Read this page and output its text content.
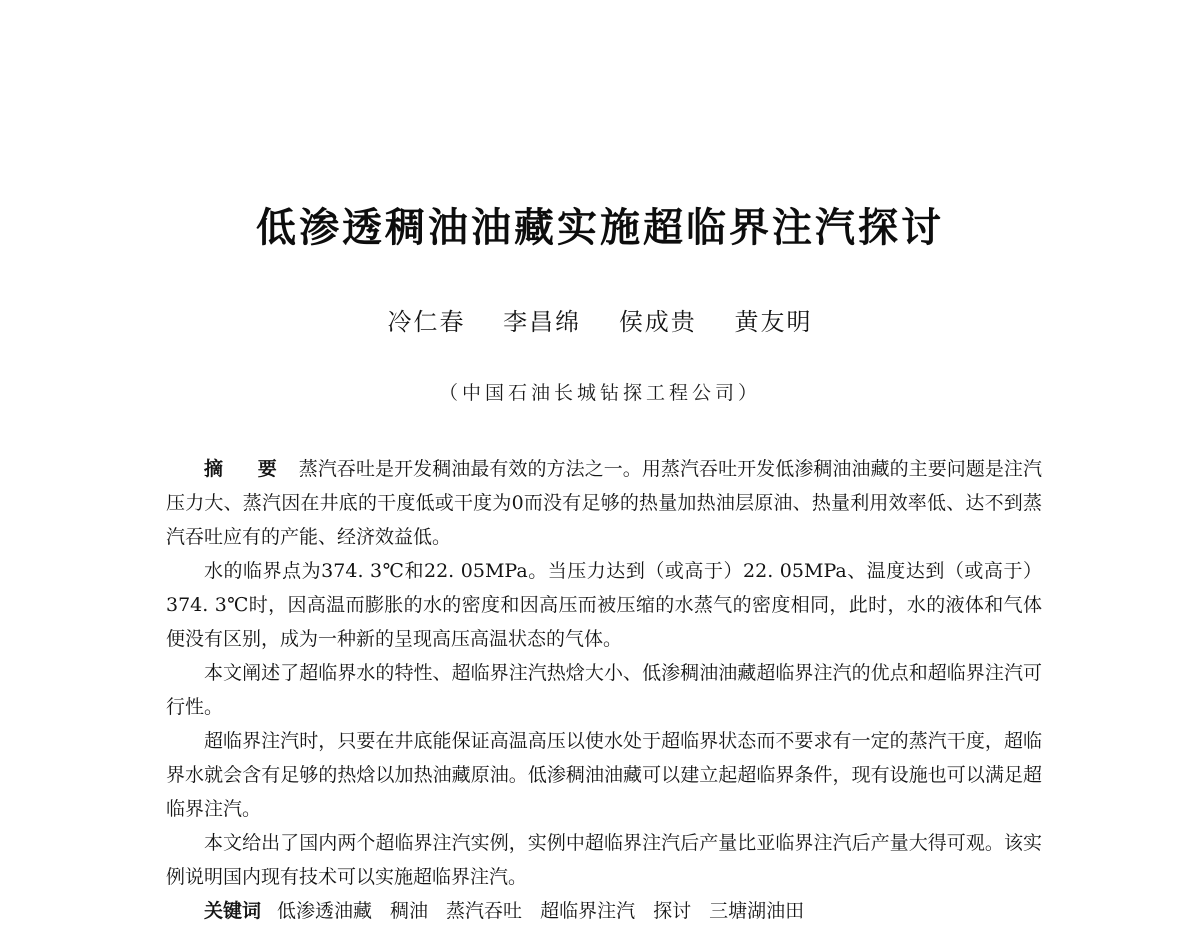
低渗透稠油油藏实施超临界注汽探讨
冷仁春 李昌绵 侯成贵 黄友明
（中国石油长城钻探工程公司）

摘 要 蒸汽吞吐是开发稠油最有效的方法之一。用蒸汽吞吐开发低渗稠油油藏的主要问题是注汽压力大、蒸汽因在井底的干度低或干度为0而没有足够的热量加热油层原油、热量利用效率低、达不到蒸汽吞吐应有的产能、经济效益低。

水的临界点为374. 3℃和22. 05MPa。当压力达到（或高于）22. 05MPa、温度达到（或高于）374. 3℃时，因高温而膨胀的水的密度和因高压而被压缩的水蒸气的密度相同，此时，水的液体和气体便没有区别，成为一种新的呈现高压高温状态的气体。

本文阐述了超临界水的特性、超临界注汽热焓大小、低渗稠油油藏超临界注汽的优点和超临界注汽可行性。

超临界注汽时，只要在井底能保证高温高压以使水处于超临界状态而不要求有一定的蒸汽干度，超临界水就会含有足够的热焓以加热油藏原油。低渗稠油油藏可以建立起超临界条件，现有设施也可以满足超临界注汽。

本文给出了国内两个超临界注汽实例，实例中超临界注汽后产量比亚临界注汽后产量大得可观。该实例说明国内现有技术可以实施超临界注汽。

关键词 低渗透油藏 稠油 蒸汽吞吐 超临界注汽 探讨 三塘湖油田
